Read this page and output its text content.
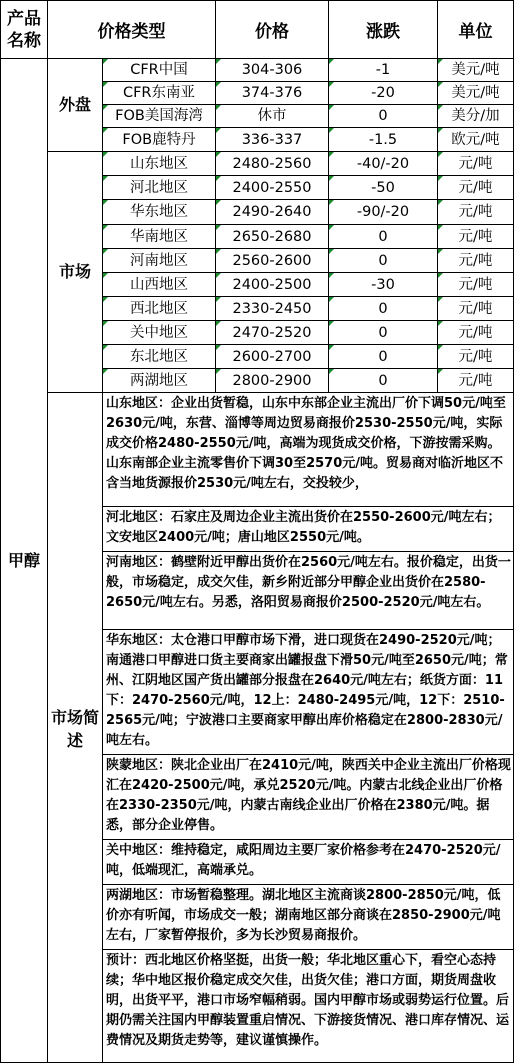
产品名称	价格类型		价格	涨跌	单位
甲醇	外盘	CFR中国	304-306	-1	美元/吨
		CFR东南亚	374-376	-20	美元/吨
		FOB美国海湾	休市	0	美分/加
		FOB鹿特丹	336-337	-1.5	欧元/吨
	市场	山东地区	2480-2560	-40/-20	元/吨
		河北地区	2400-2550	-50	元/吨
		华东地区	2490-2640	-90/-20	元/吨
		华南地区	2650-2680	0	元/吨
		河南地区	2560-2600	0	元/吨
		山西地区	2400-2500	-30	元/吨
		西北地区	2330-2450	0	元/吨
		关中地区	2470-2520	0	元/吨
		东北地区	2600-2700	0	元/吨
		两湖地区	2800-2900	0	元/吨
	市场简述	山东地区：企业出货暂稳，山东中东部企业主流出厂价下调50元/吨至2630元/吨，东营、淄博等周边贸易商报价2530-2550元/吨，实际成交价格2480-2550元/吨，高端为现货成交价格，下游按需采购。 山东南部企业主流零售价下调30至2570元/吨。贸易商对临沂地区不含当地货源报价2530元/吨左右，交投较少，			
		河北地区：石家庄及周边企业主流出货价在2550-2600元/吨左右；文安地区2400元/吨；唐山地区2550元/吨。			
		河南地区：鹤壁附近甲醇出货价在2560元/吨左右。报价稳定，出货一般，市场稳定，成交欠佳，新乡附近部分甲醇企业出货价在2580-2650元/吨左右。另悉，洛阳贸易商报价2500-2520元/吨左右。			
		华东地区：太仓港口甲醇市场下滑，进口现货在2490-2520元/吨；南通港口甲醇进口货主要商家出罐报盘下滑50元/吨至2650元/吨；常州、江阴地区国产货出罐部分报盘在2640元/吨左右；纸货方面：11下：2470-2560元/吨，12上：2480-2495元/吨，12下：2510-2565元/吨；宁波港口主要商家甲醇出库价格稳定在2800-2830元/吨左右。			
		陕蒙地区：陕北企业出厂在2410元/吨，陕西关中企业主流出厂价格现汇在2420-2500元/吨，承兑2520元/吨。内蒙古北线企业出厂价格在2330-2350元/吨，内蒙古南线企业出厂价格在2380元/吨。据悉，部分企业停售。			
		关中地区：维持稳定，咸阳周边主要厂家价格参考在2470-2520元/吨，低端现汇，高端承兑。			
		两湖地区：市场暂稳整理。湖北地区主流商谈2800-2850元/吨，低价亦有听闻，市场成交一般；湖南地区部分商谈在2850-2900元/吨左右，厂家暂停报价，多为长沙贸易商报价。			
		预计：西北地区价格坚挺，出货一般；华北地区重心下，看空心态持续；华中地区报价稳定成交欠佳，出货欠佳；港口方面，期货周盘收明，出货平平，港口市场窄幅稍弱。国内甲醇市场或弱势运行位置。后期仍需关注国内甲醇装置重启情况、下游接货情况、港口库存情况、运费情况及期货走势等，建议谨慎操作。			
